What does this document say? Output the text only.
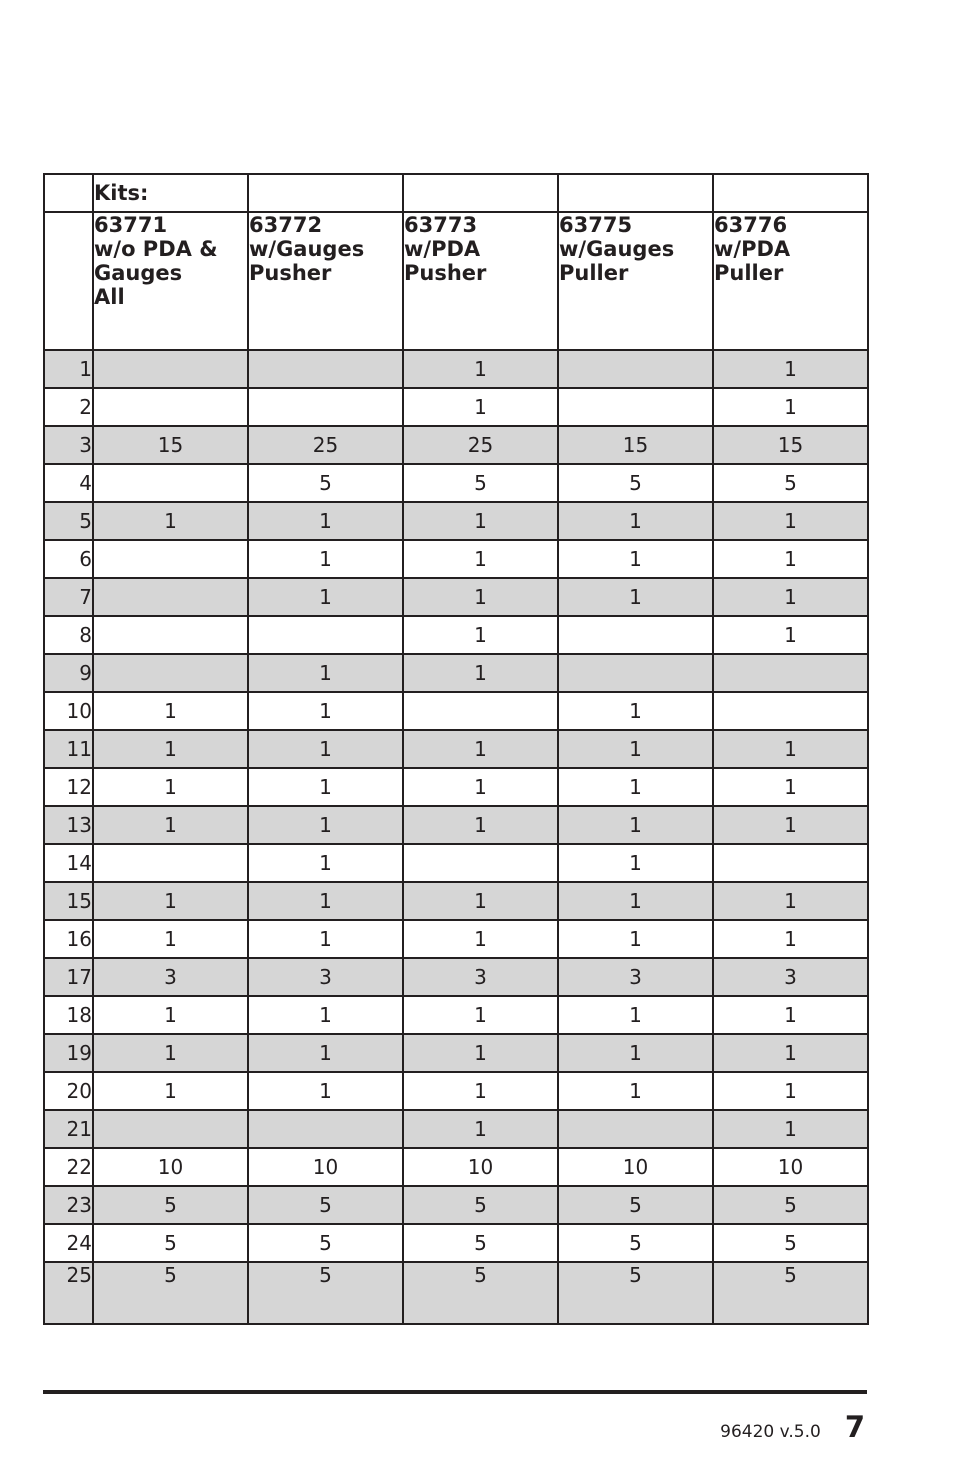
	Kits:				
	63771
w/o PDA &
Gauges
All	63772
w/Gauges
Pusher	63773
w/PDA
Pusher	63775
w/Gauges
Puller	63776
w/PDA
Puller
1			1		1
2			1		1
3	15	25	25	15	15
4		5	5	5	5
5	1	1	1	1	1
6		1	1	1	1
7		1	1	1	1
8			1		1
9		1	1		
10	1	1		1	
11	1	1	1	1	1
12	1	1	1	1	1
13	1	1	1	1	1
14		1		1	
15	1	1	1	1	1
16	1	1	1	1	1
17	3	3	3	3	3
18	1	1	1	1	1
19	1	1	1	1	1
20	1	1	1	1	1
21			1		1
22	10	10	10	10	10
23	5	5	5	5	5
24	5	5	5	5	5
25	5	5	5	5	5
96420 v.5.0 7
